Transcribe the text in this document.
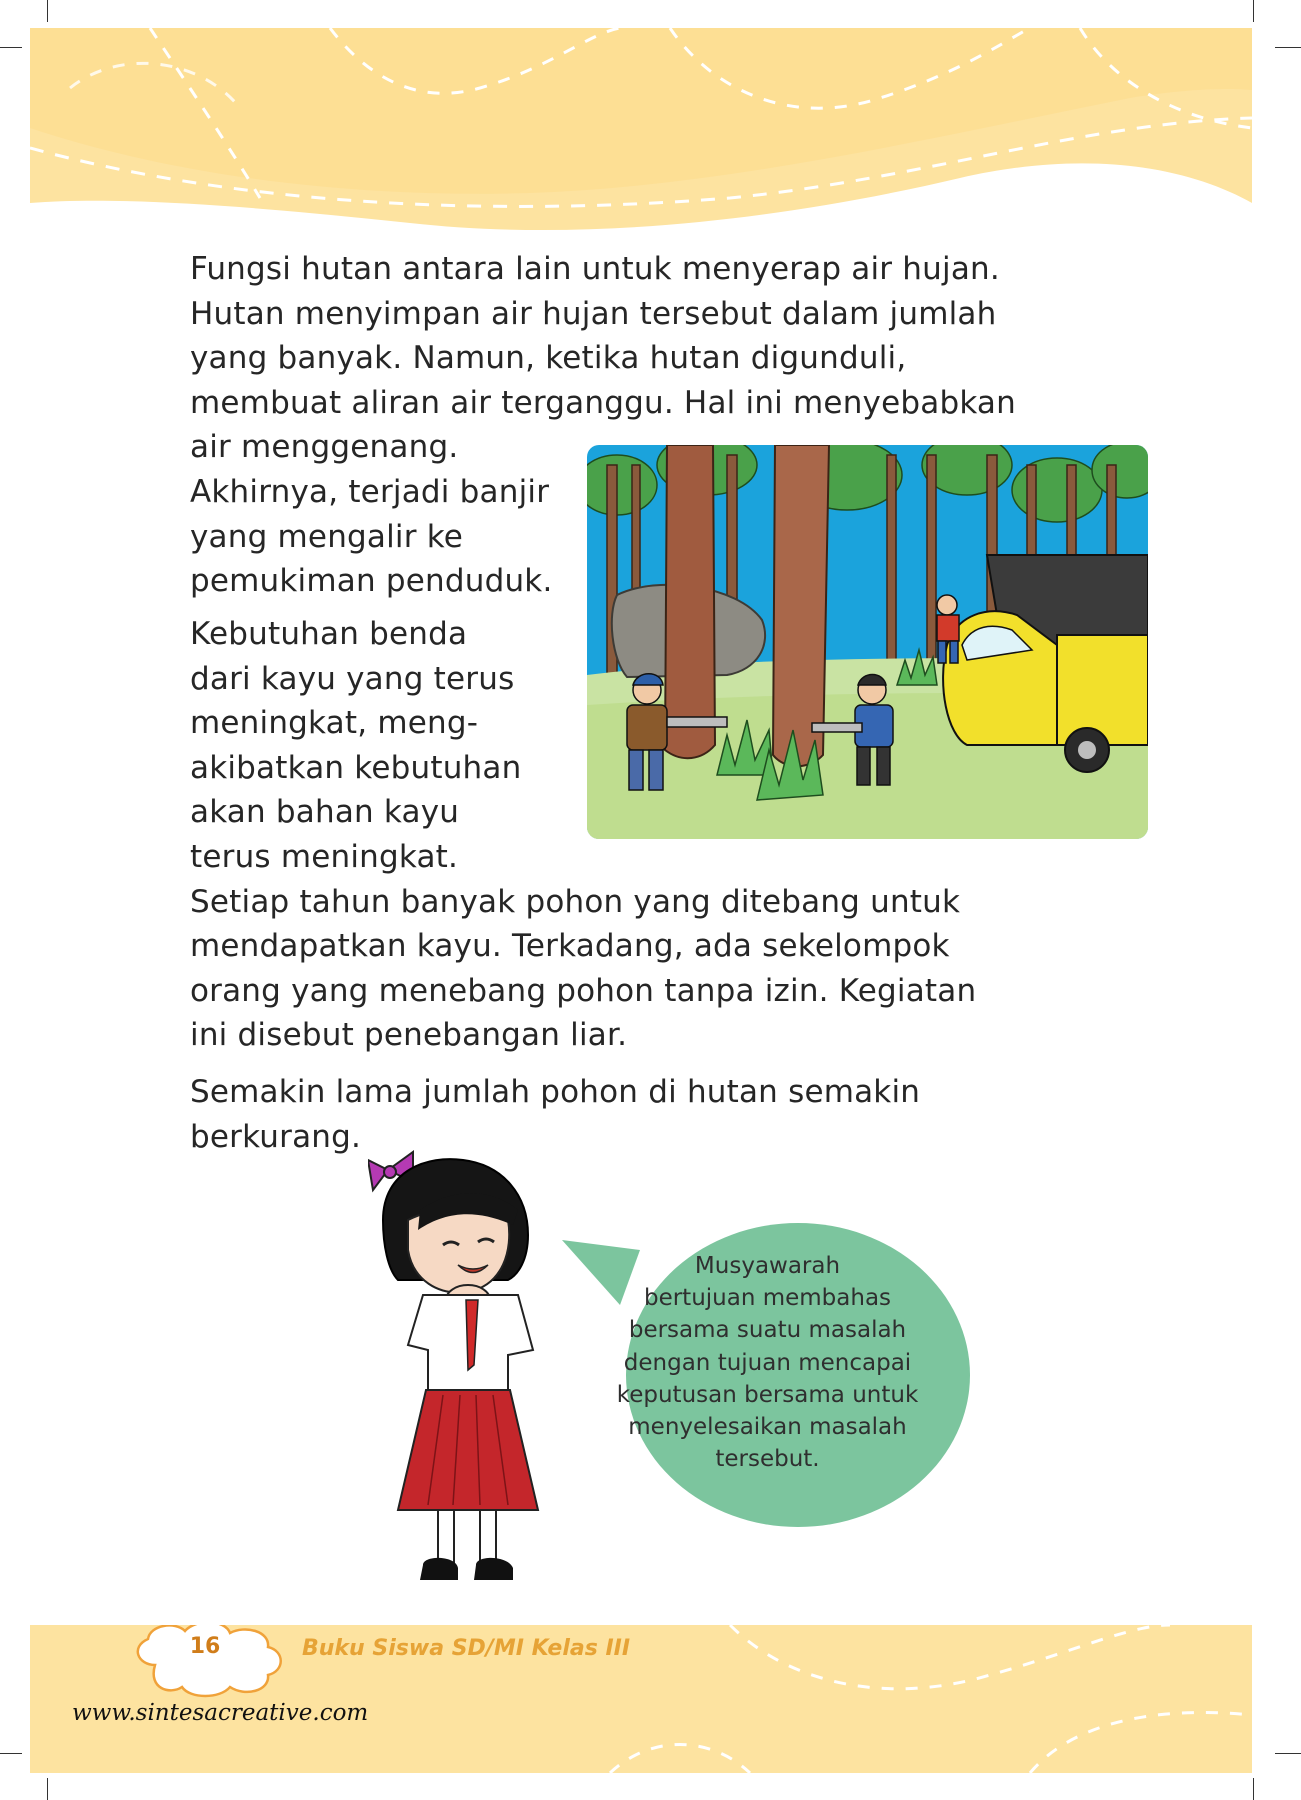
Fungsi hutan antara lain untuk menyerap air hujan.
Hutan menyimpan air hujan tersebut dalam jumlah
yang banyak. Namun, ketika hutan digunduli,
membuat aliran air terganggu. Hal ini menyebabkan
air menggenang.
Akhirnya, terjadi banjir
yang mengalir ke
pemukiman penduduk.
Kebutuhan benda
dari kayu yang terus
meningkat, meng-
akibatkan kebutuhan
akan bahan kayu
terus meningkat.
Setiap tahun banyak pohon yang ditebang untuk
mendapatkan kayu. Terkadang, ada sekelompok
orang yang menebang pohon tanpa izin. Kegiatan
ini disebut penebangan liar.
Semakin lama jumlah pohon di hutan semakin
berkurang.
Musyawarah
bertujuan membahas
bersama suatu masalah
dengan tujuan mencapai
keputusan bersama untuk
menyelesaikan masalah
tersebut.
16	Buku Siswa SD/MI Kelas III
www.sintesacreative.com
